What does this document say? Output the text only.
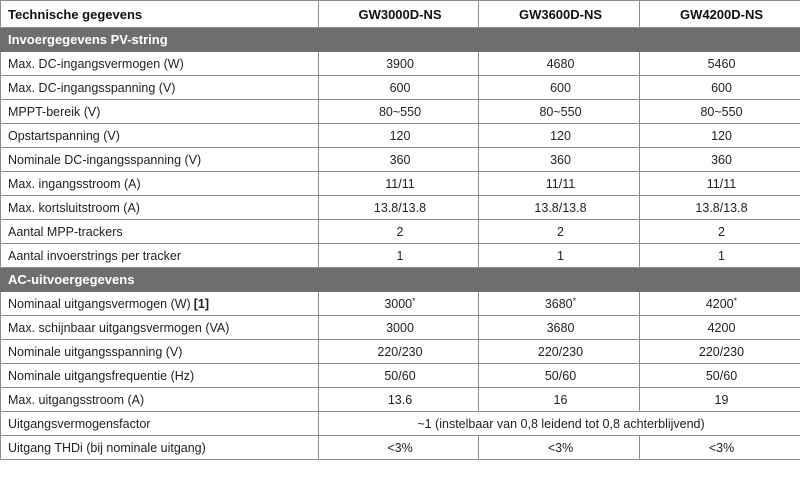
Technische gegevens	GW3000D-NS	GW3600D-NS	GW4200D-NS
Invoergegevens PV-string			
Max. DC-ingangsvermogen (W)	3900	4680	5460
Max. DC-ingangsspanning (V)	600	600	600
MPPT-bereik (V)	80~550	80~550	80~550
Opstartspanning (V)	120	120	120
Nominale DC-ingangsspanning (V)	360	360	360
Max. ingangsstroom (A)	11/11	11/11	11/11
Max. kortsluitstroom (A)	13.8/13.8	13.8/13.8	13.8/13.8
Aantal MPP-trackers	2	2	2
Aantal invoerstrings per tracker	1	1	1
AC-uitvoergegevens			
Nominaal uitgangsvermogen (W) [1]	3000*	3680*	4200*
Max. schijnbaar uitgangsvermogen (VA)	3000	3680	4200
Nominale uitgangsspanning (V)	220/230	220/230	220/230
Nominale uitgangsfrequentie (Hz)	50/60	50/60	50/60
Max. uitgangsstroom (A)	13.6	16	19
Uitgangsvermogensfactor	~1 (instelbaar van 0,8 leidend tot 0,8 achterblijvend)		
Uitgang THDi (bij nominale uitgang)	<3%	<3%	<3%
